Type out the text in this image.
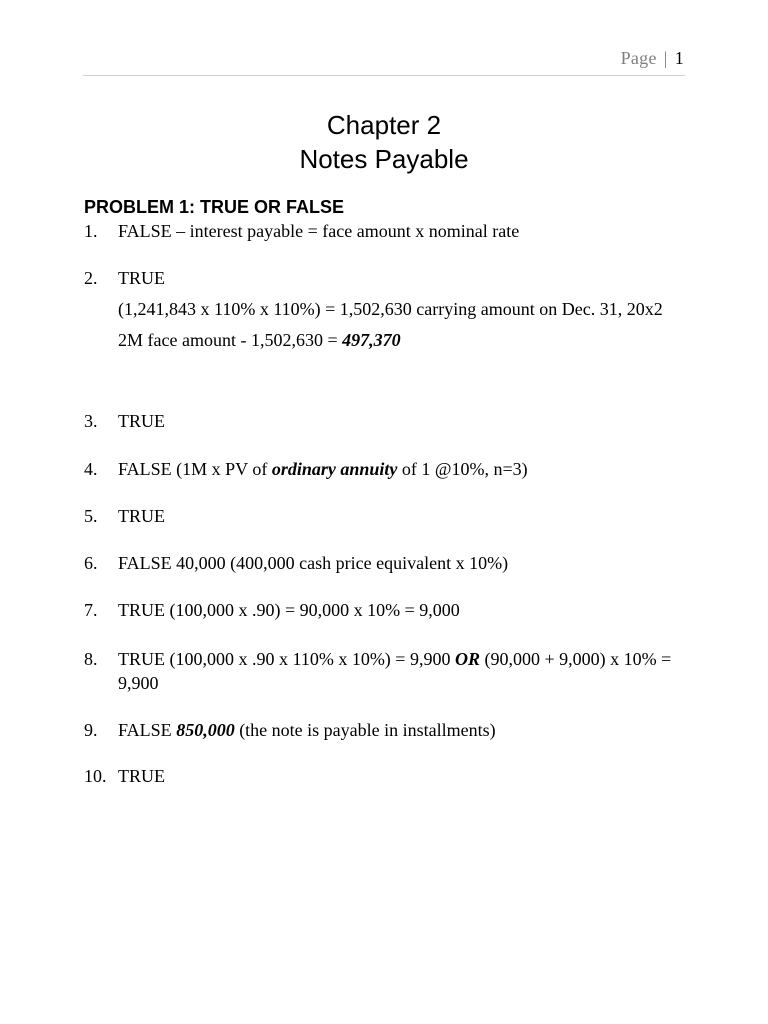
Page | 1
Chapter 2
Notes Payable
PROBLEM 1: TRUE OR FALSE
1. FALSE – interest payable = face amount x nominal rate
2. TRUE
(1,241,843 x 110% x 110%) = 1,502,630 carrying amount on Dec. 31, 20x2
2M face amount - 1,502,630 = 497,370
3. TRUE
4. FALSE (1M x PV of ordinary annuity of 1 @10%, n=3)
5. TRUE
6. FALSE 40,000 (400,000 cash price equivalent x 10%)
7. TRUE (100,000 x .90) = 90,000 x 10% = 9,000
8. TRUE (100,000 x .90 x 110% x 10%) = 9,900 OR (90,000 + 9,000) x 10% = 9,900
9. FALSE 850,000 (the note is payable in installments)
10. TRUE
